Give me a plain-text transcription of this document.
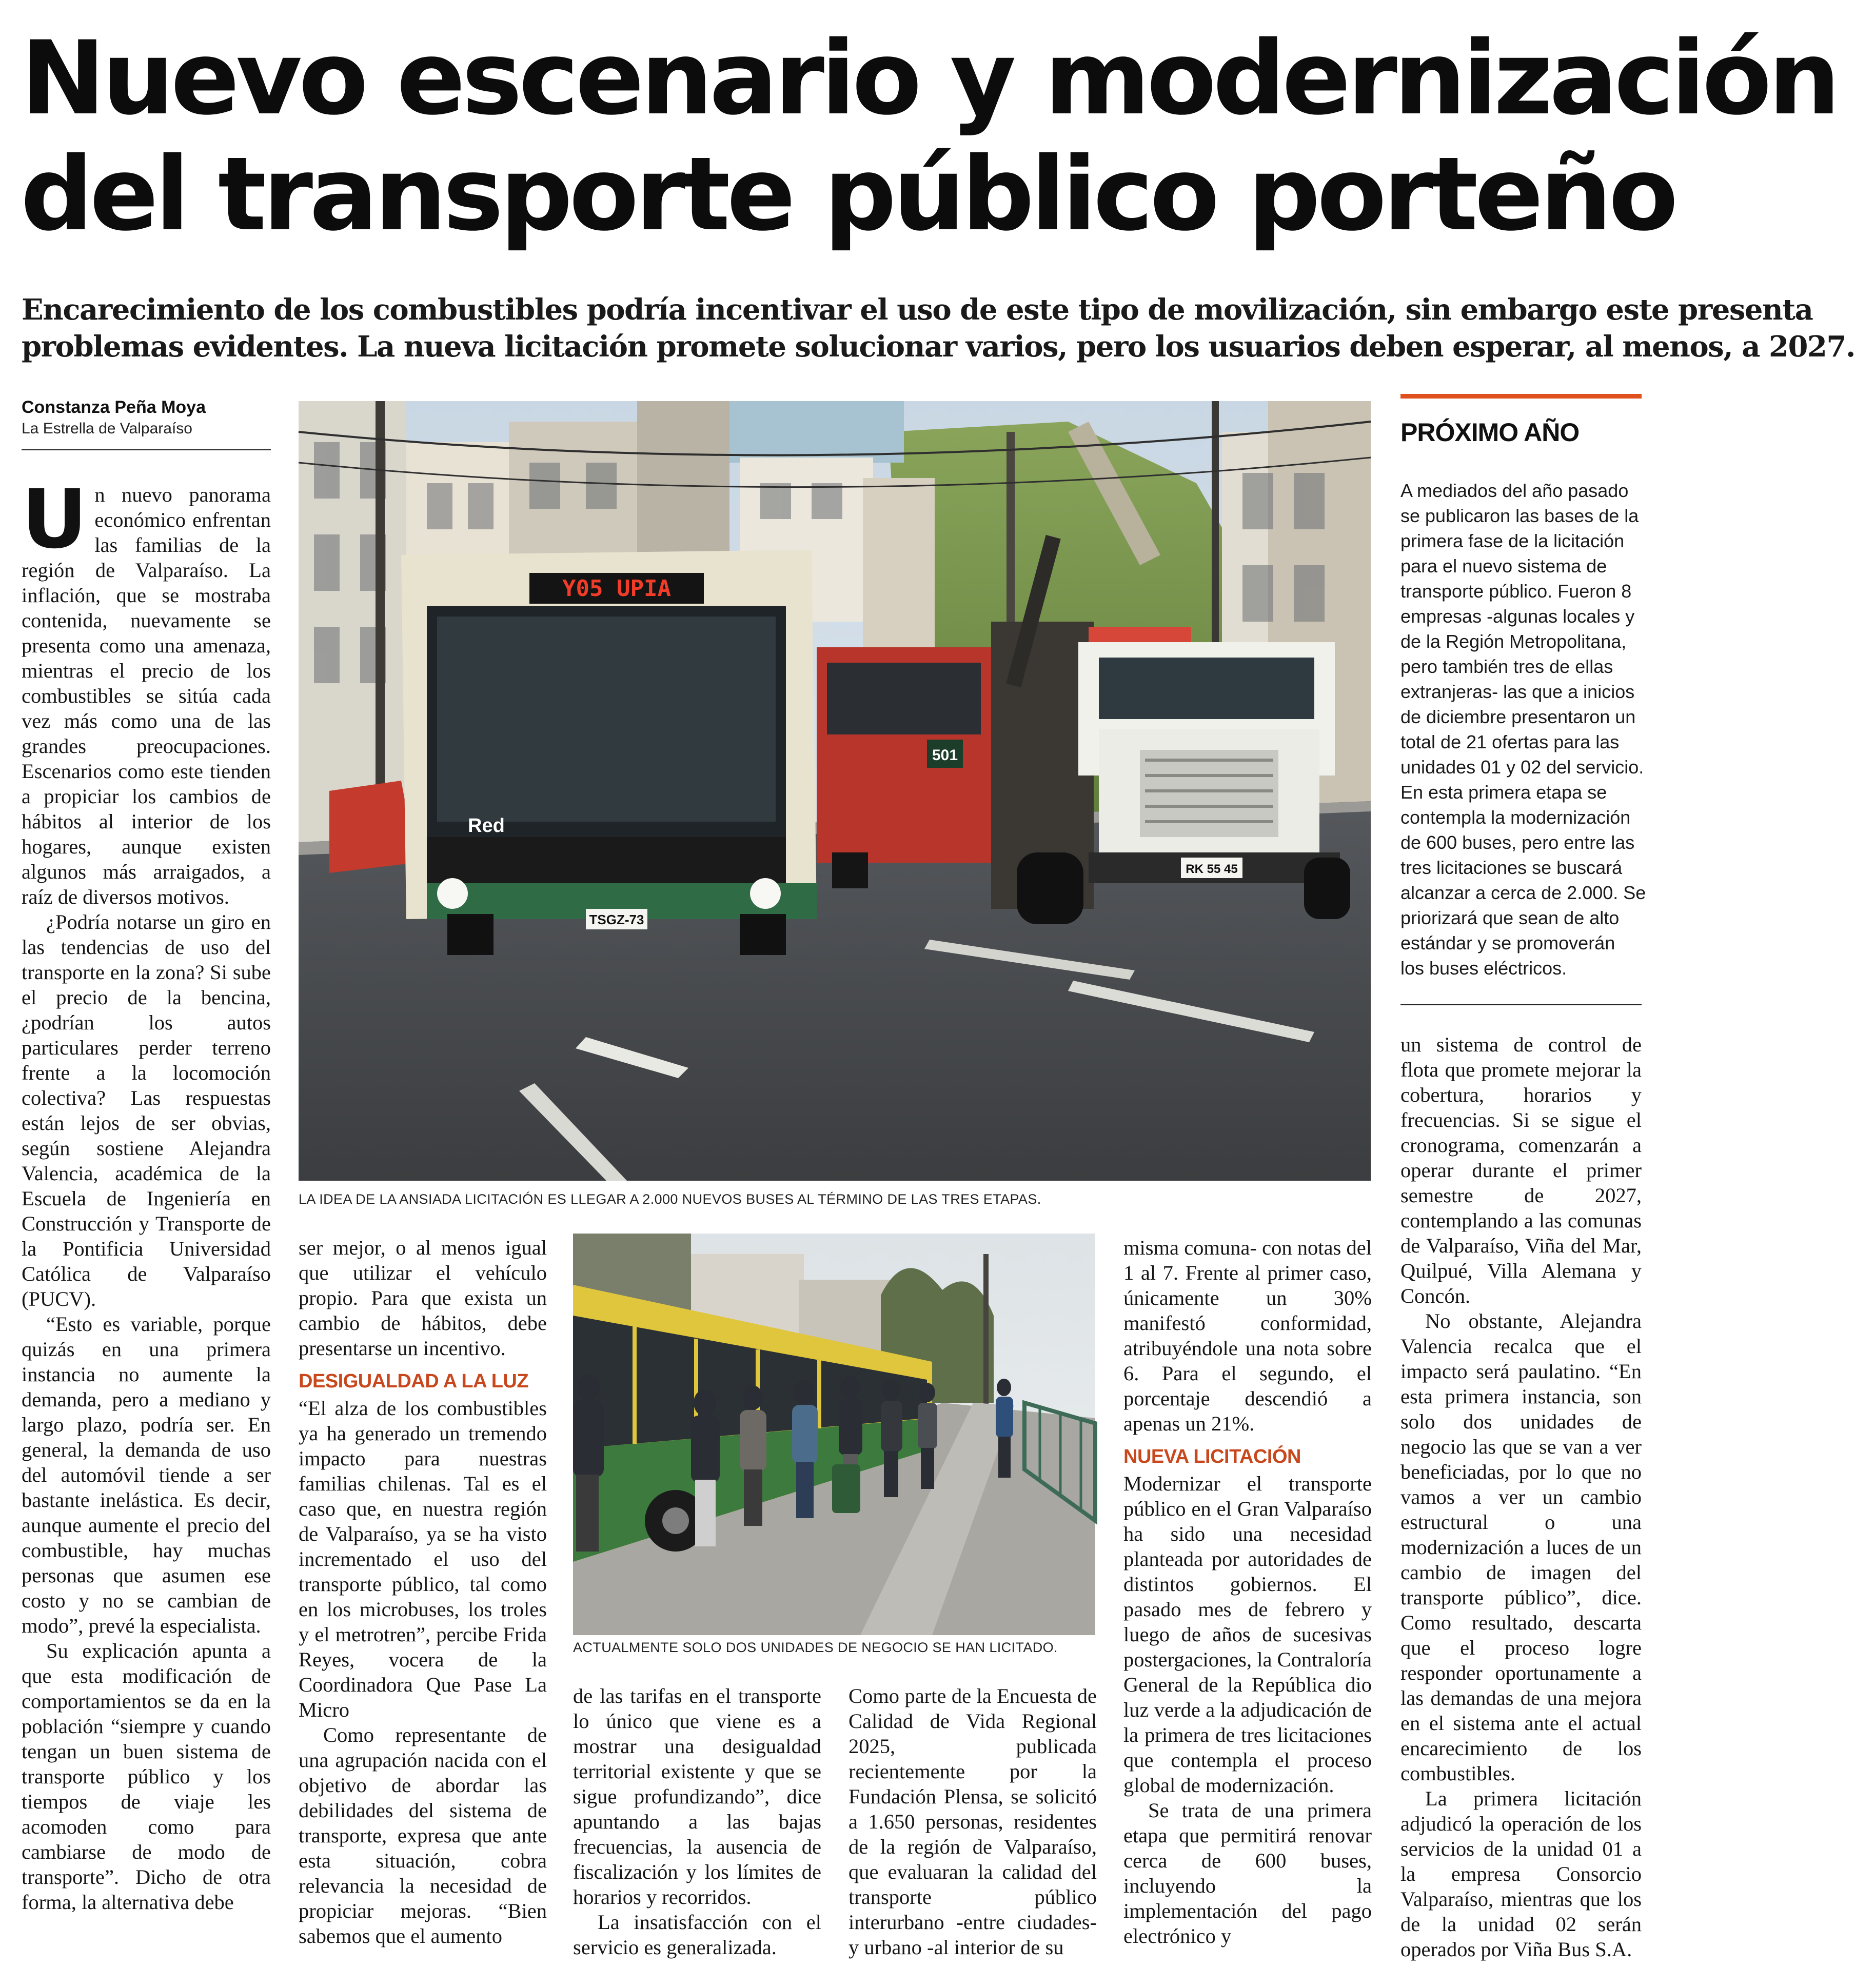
Nuevo escenario y modernización
del transporte público porteño

Encarecimiento de los combustibles podría incentivar el uso de este tipo de movilización, sin embargo este presenta
problemas evidentes. La nueva licitación promete solucionar varios, pero los usuarios deben esperar, al menos, a 2027.

Constanza Peña Moya
La Estrella de Valparaíso
Y05 UPIA
Red
TSGZ-73
501
RK 55 45
LA IDEA DE LA ANSIADA LICITACIÓN ES LLEGAR A 2.000 NUEVOS BUSES AL TÉRMINO DE LAS TRES ETAPAS.
ACTUALMENTE SOLO DOS UNIDADES DE NEGOCIO SE HAN LICITADO.

Un nuevo panorama económico enfrentan las familias de la región de Valparaíso. La inflación, que se mostraba contenida, nuevamente se presenta como una amenaza, mientras el precio de los combustibles se sitúa cada vez más como una de las grandes preocupaciones. Escenarios como este tienden a propiciar los cambios de hábitos al interior de los hogares, aunque existen algunos más arraigados, a raíz de diversos motivos.

¿Podría notarse un giro en las tendencias de uso del transporte en la zona? Si sube el precio de la bencina, ¿podrían los autos particulares perder terreno frente a la locomoción colectiva? Las respuestas están lejos de ser obvias, según sostiene Alejandra Valencia, académica de la Escuela de Ingeniería en Construcción y Transporte de la Pontificia Universidad Católica de Valparaíso (PUCV).

“Esto es variable, porque quizás en una primera instancia no aumente la demanda, pero a mediano y largo plazo, podría ser. En general, la demanda de uso del automóvil tiende a ser bastante inelástica. Es decir, aunque aumente el precio del combustible, hay muchas personas que asumen ese costo y no se cambian de modo”, prevé la especialista.

Su explicación apunta a que esta modificación de comportamientos se da en la población “siempre y cuando tengan un buen sistema de transporte público y los tiempos de viaje les acomoden como para cambiarse de modo de transporte”. Dicho de otra forma, la alternativa debe

ser mejor, o al menos igual que utilizar el vehículo propio. Para que exista un cambio de hábitos, debe presentarse un incentivo.

DESIGUALDAD A LA LUZ

“El alza de los combustibles ya ha generado un tremendo impacto para nuestras familias chilenas. Tal es el caso que, en nuestra región de Valparaíso, ya se ha visto incrementado el uso del transporte público, tal como en los microbuses, los troles y el metrotren”, percibe Frida Reyes, vocera de la Coordinadora Que Pase La Micro

Como representante de una agrupación nacida con el objetivo de abordar las debilidades del sistema de transporte, expresa que ante esta situación, cobra relevancia la necesidad de propiciar mejoras. “Bien sabemos que el aumento

de las tarifas en el transporte lo único que viene es a mostrar una desigualdad territorial existente y que se sigue profundizando”, dice apuntando a las bajas frecuencias, la ausencia de fiscalización y los límites de horarios y recorridos.

La insatisfacción con el servicio es generalizada.

Como parte de la Encuesta de Calidad de Vida Regional 2025, publicada recientemente por la Fundación Plensa, se solicitó a 1.650 personas, residentes de la región de Valparaíso, que evaluaran la calidad del transporte público interurbano -entre ciudades- y urbano -al interior de su

misma comuna- con notas del 1 al 7. Frente al primer caso, únicamente un 30% manifestó conformidad, atribuyéndole una nota sobre 6. Para el segundo, el porcentaje descendió a apenas un 21%.

NUEVA LICITACIÓN

Modernizar el transporte público en el Gran Valparaíso ha sido una necesidad planteada por autoridades de distintos gobiernos. El pasado mes de febrero y luego de años de sucesivas postergaciones, la Contraloría General de la República dio luz verde a la adjudicación de la primera de tres licitaciones que contempla el proceso global de modernización.

Se trata de una primera etapa que permitirá renovar cerca de 600 buses, incluyendo la implementación del pago electrónico y

PRÓXIMO AÑO

A mediados del año pasado
se publicaron las bases de la
primera fase de la licitación
para el nuevo sistema de
transporte público. Fueron 8
empresas -algunas locales y
de la Región Metropolitana,
pero también tres de ellas
extranjeras- las que a inicios
de diciembre presentaron un
total de 21 ofertas para las
unidades 01 y 02 del servicio.
En esta primera etapa se
contempla la modernización
de 600 buses, pero entre las
tres licitaciones se buscará
alcanzar a cerca de 2.000. Se
priorizará que sean de alto
estándar y se promoverán
los buses eléctricos.

un sistema de control de flota que promete mejorar la cobertura, horarios y frecuencias. Si se sigue el cronograma, comenzarán a operar durante el primer semestre de 2027, contemplando a las comunas de Valparaíso, Viña del Mar, Quilpué, Villa Alemana y Concón.

No obstante, Alejandra Valencia recalca que el impacto será paulatino. “En esta primera instancia, son solo dos unidades de negocio las que se van a ver beneficiadas, por lo que no vamos a ver un cambio estructural o una modernización a luces de un cambio de imagen del transporte público”, dice. Como resultado, descarta que el proceso logre responder oportunamente a las demandas de una mejora en el sistema ante el actual encarecimiento de los combustibles.

La primera licitación adjudicó la operación de los servicios de la unidad 01 a la empresa Consorcio Valparaíso, mientras que los de la unidad 02 serán operados por Viña Bus S.A.
